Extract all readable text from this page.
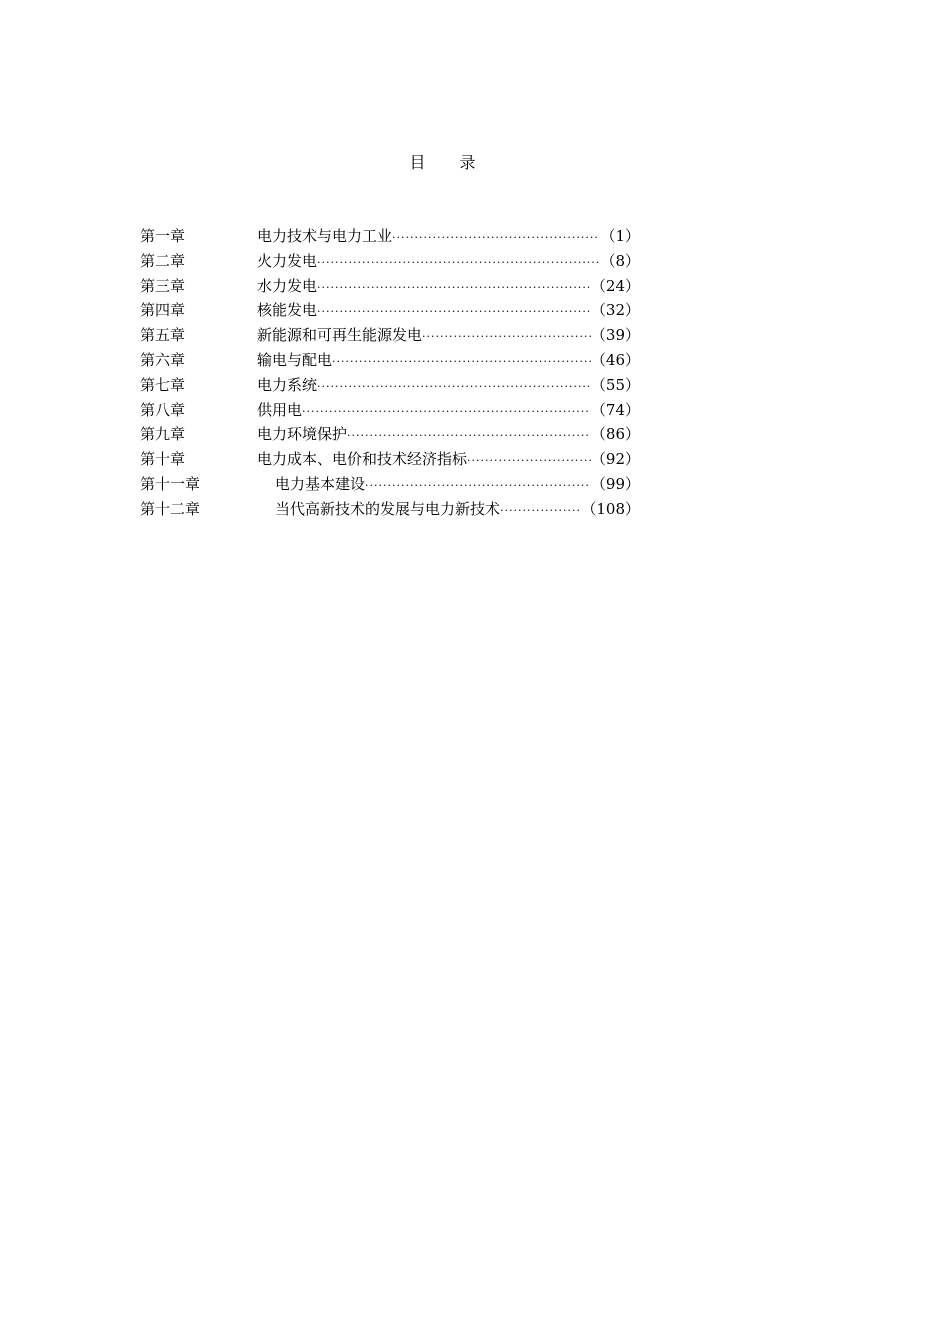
目 录
第一章	电力技术与电力工业 ·····	（1）
第二章	火力发电 ·····	（8）
第三章	水力发电 ·····	（24）
第四章	核能发电 ·····	（32）
第五章	新能源和可再生能源发电 ·····	（39）
第六章	输电与配电 ·····	（46）
第七章	电力系统 ·····	（55）
第八章	供用电 ·····	（74）
第九章	电力环境保护 ·····	（86）
第十章	电力成本、电价和技术经济指标 ·····	（92）
第十一章	电力基本建设 ·····	（99）
第十二章	当代高新技术的发展与电力新技术 ·····	（108）
